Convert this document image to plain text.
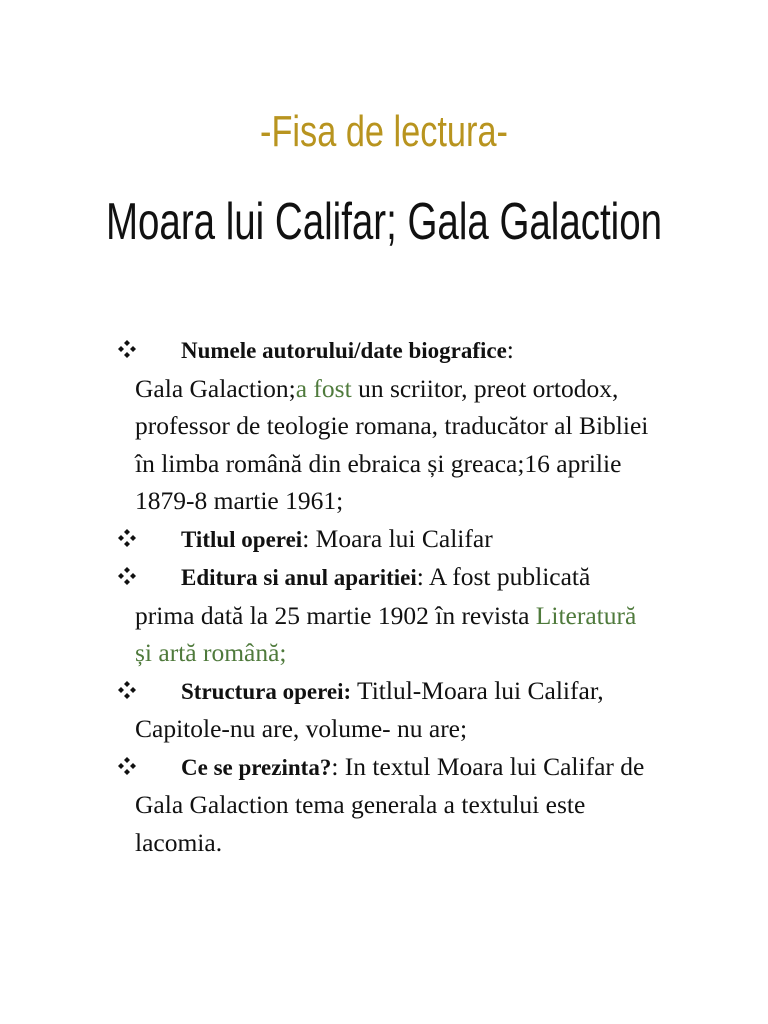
-Fisa de lectura-
Moara lui Califar; Gala Galaction
Numele autorului/date biografice:
Gala Galaction;a fost un scriitor, preot ortodox, professor de teologie romana, traducător al Bibliei în limba română din ebraica și greaca;16 aprilie 1879-8 martie 1961;
Titlul operei: Moara lui Califar
Editura si anul aparitiei: A fost publicată prima dată la 25 martie 1902 în revista Literatură și artă română;
Structura operei: Titlul-Moara lui Califar, Capitole-nu are, volume- nu are;
Ce se prezinta?: In textul Moara lui Califar de Gala Galaction tema generala a textului este lacomia.
